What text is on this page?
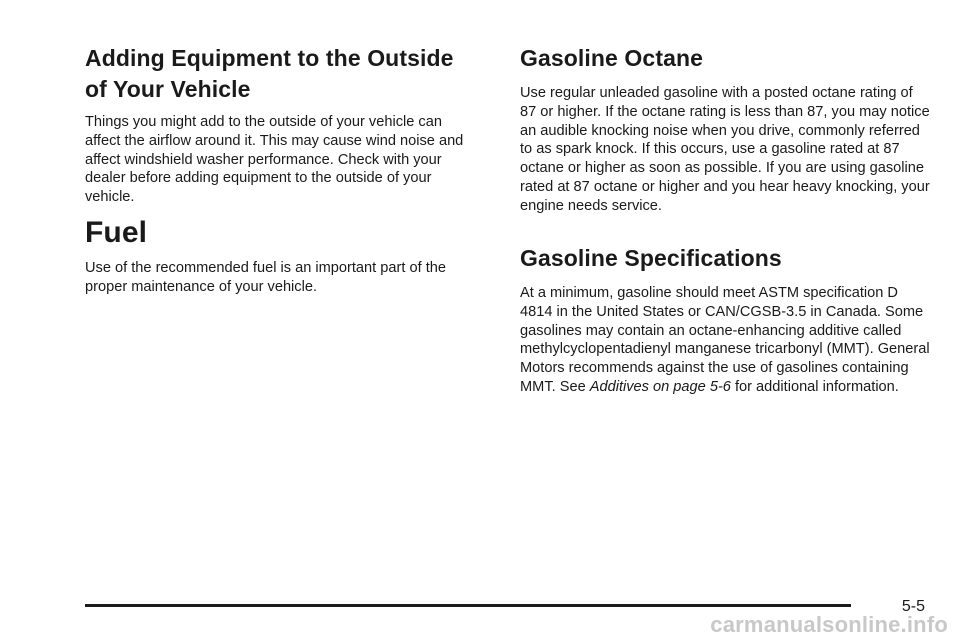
Adding Equipment to the Outside
of Your Vehicle

Things you might add to the outside of your vehicle can affect the airflow around it. This may cause wind noise and affect windshield washer performance. Check with your dealer before adding equipment to the outside of your vehicle.

Fuel

Use of the recommended fuel is an important part of the proper maintenance of your vehicle.

Gasoline Octane

Use regular unleaded gasoline with a posted octane rating of 87 or higher. If the octane rating is less than 87, you may notice an audible knocking noise when you drive, commonly referred to as spark knock. If this occurs, use a gasoline rated at 87 octane or higher as soon as possible. If you are using gasoline rated at 87 octane or higher and you hear heavy knocking, your engine needs service.

Gasoline Specifications

At a minimum, gasoline should meet ASTM specification D 4814 in the United States or CAN/CGSB-3.5 in Canada. Some gasolines may contain an octane-enhancing additive called methylcyclopentadienyl manganese tricarbonyl (MMT). General Motors recommends against the use of gasolines containing MMT. See Additives on page 5-6 for additional information.

5-5
carmanualsonline.info
